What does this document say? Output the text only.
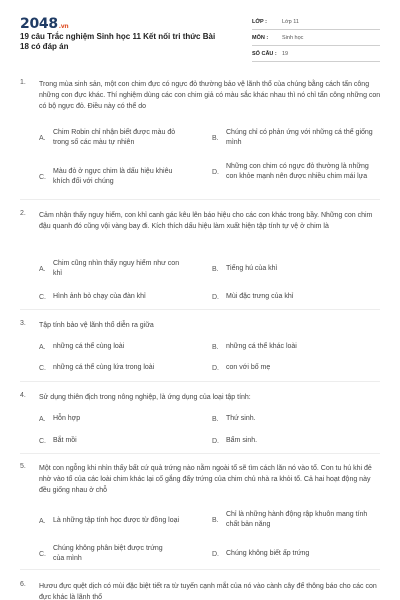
2048.vn
19 câu Trắc nghiệm Sinh học 11 Kết nối tri thức Bài 18 có đáp án
LỚP :	Lớp 11
MÔN :	Sinh học
SỐ CÂU : 19
1. Trong mùa sinh sản, một con chim đực có ngực đỏ thường bảo vệ lãnh thổ của chúng bằng cách tấn công những con đực khác. Thí nghiệm dùng các con chim giả có màu sắc khác nhau thì nó chỉ tấn công những con có bộ ngực đỏ. Điều này có thể do
A.
Chim Robin chỉ nhận biết được màu đỏ trong số các màu tự nhiên
B.
Chúng chỉ có phản ứng với những cá thể giống mình
C.
Màu đỏ ở ngực chim là dấu hiệu khiêu khích đối với chúng
D.
Những con chim có ngực đỏ thường là những con khỏe mạnh nên được nhiều chim mái lựa
2. Cảm nhận thấy nguy hiểm, con khỉ canh gác kêu lên báo hiệu cho các con khác trong bầy. Những con chim đậu quanh đó cũng vội vàng bay đi. Kích thích dấu hiệu làm xuất hiện tập tính tự vệ ở chim là
A.
Chim cũng nhìn thấy nguy hiểm như con khỉ
B.	Tiếng hú của khỉ
C.	Hình ảnh bỏ chạy của đàn khỉ	D.	Mùi đặc trưng của khỉ
3. Tập tính bảo vệ lãnh thổ diễn ra giữa
A.	những cá thể cùng loài	B.	những cá thể khác loài
C.	những cá thể cùng lứa trong loài	D.	con với bố mẹ
4. Sử dụng thiên địch trong nông nghiệp, là ứng dụng của loại tập tính:
A.	Hỗn hợp	B.	Thứ sinh.
C.	Bắt mồi	D.	Bẩm sinh.
5. Một con ngỗng khi nhìn thấy bất cứ quả trứng nào nằm ngoài tổ sẽ tìm cách lăn nó vào tổ. Con tu hú khi đẻ nhờ vào tổ của các loài chim khác lại cố gắng đẩy trứng của chim chủ nhà ra khỏi tổ. Cả hai hoạt động này đều giống nhau ở chỗ
A.	Là những tập tính học được từ đồng loại	B.
Chỉ là những hành động rập khuôn mang tính chất bản năng
C.
Chúng không phân biệt được trứng của mình
D.	Chúng không biết ấp trứng
6. Hươu đực quệt dịch có mùi đặc biệt tiết ra từ tuyến cạnh mắt của nó vào cành cây để thông báo cho các con đực khác là lãnh thổ
